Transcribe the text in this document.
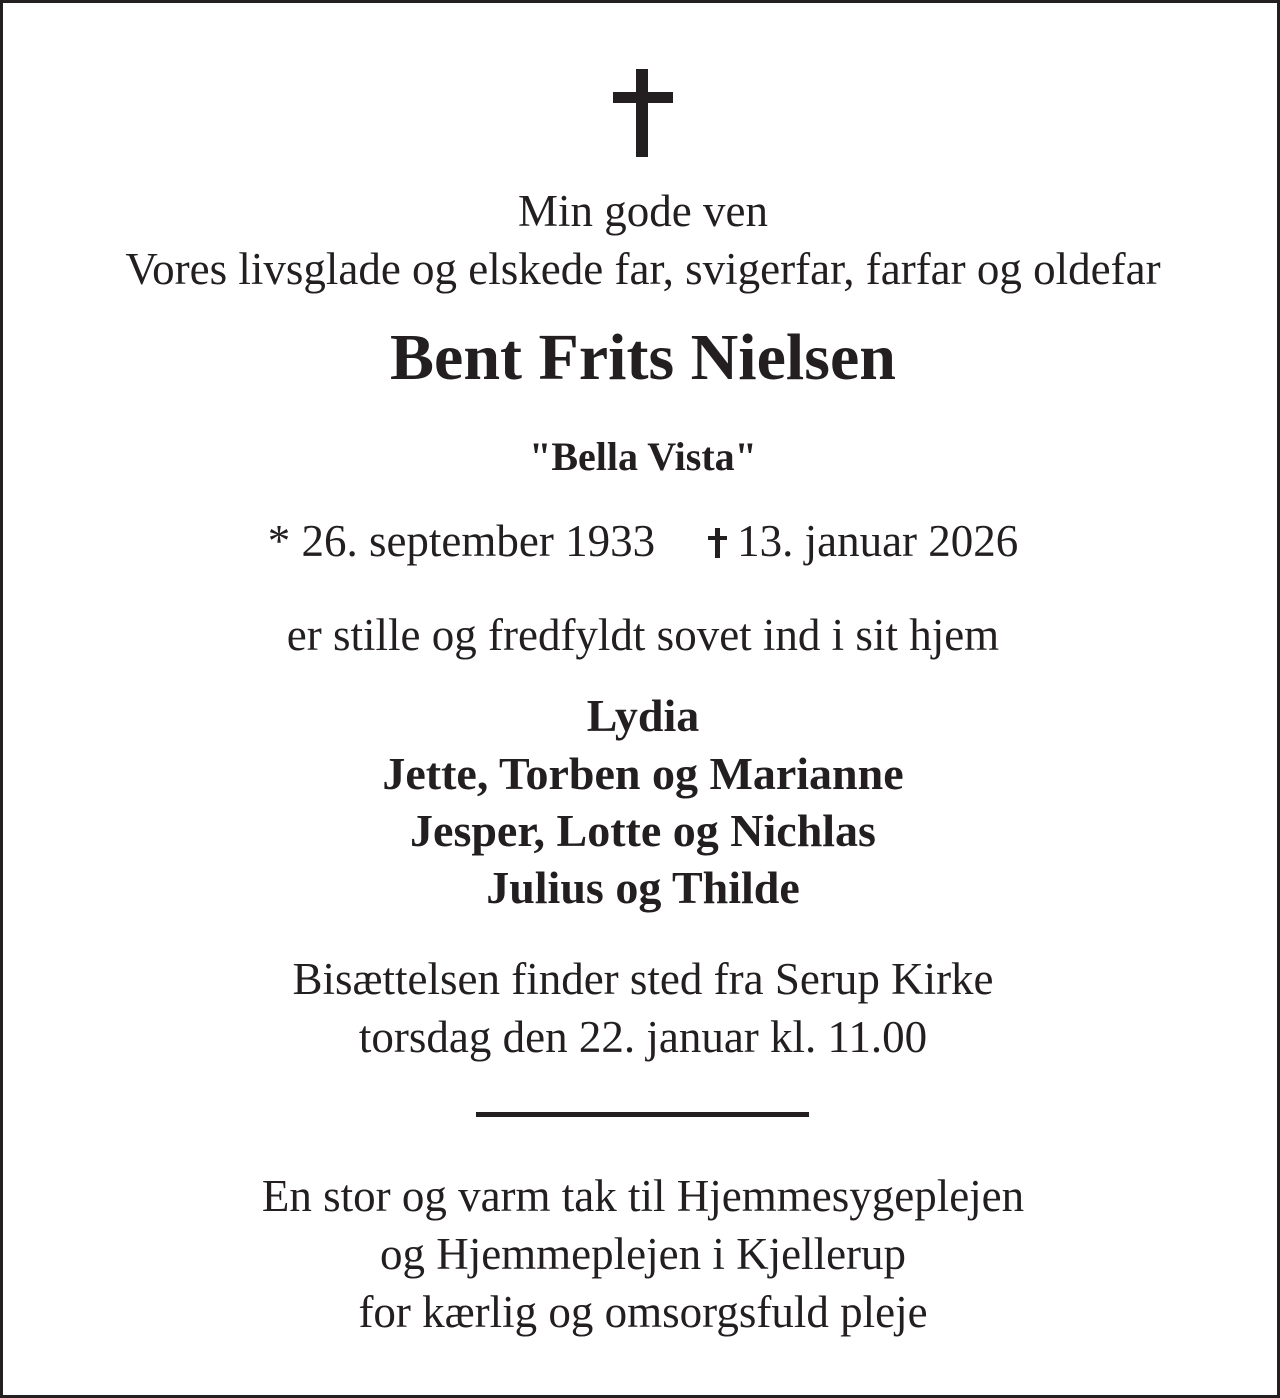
Min gode ven
Vores livsglade og elskede far, svigerfar, farfar og oldefar
Bent Frits Nielsen
"Bella Vista"
* 26. september 1933 13. januar 2026
er stille og fredfyldt sovet ind i sit hjem
Lydia
Jette, Torben og Marianne
Jesper, Lotte og Nichlas
Julius og Thilde
Bisættelsen finder sted fra Serup Kirke
torsdag den 22. januar kl. 11.00
En stor og varm tak til Hjemmesygeplejen
og Hjemmeplejen i Kjellerup
for kærlig og omsorgsfuld pleje
